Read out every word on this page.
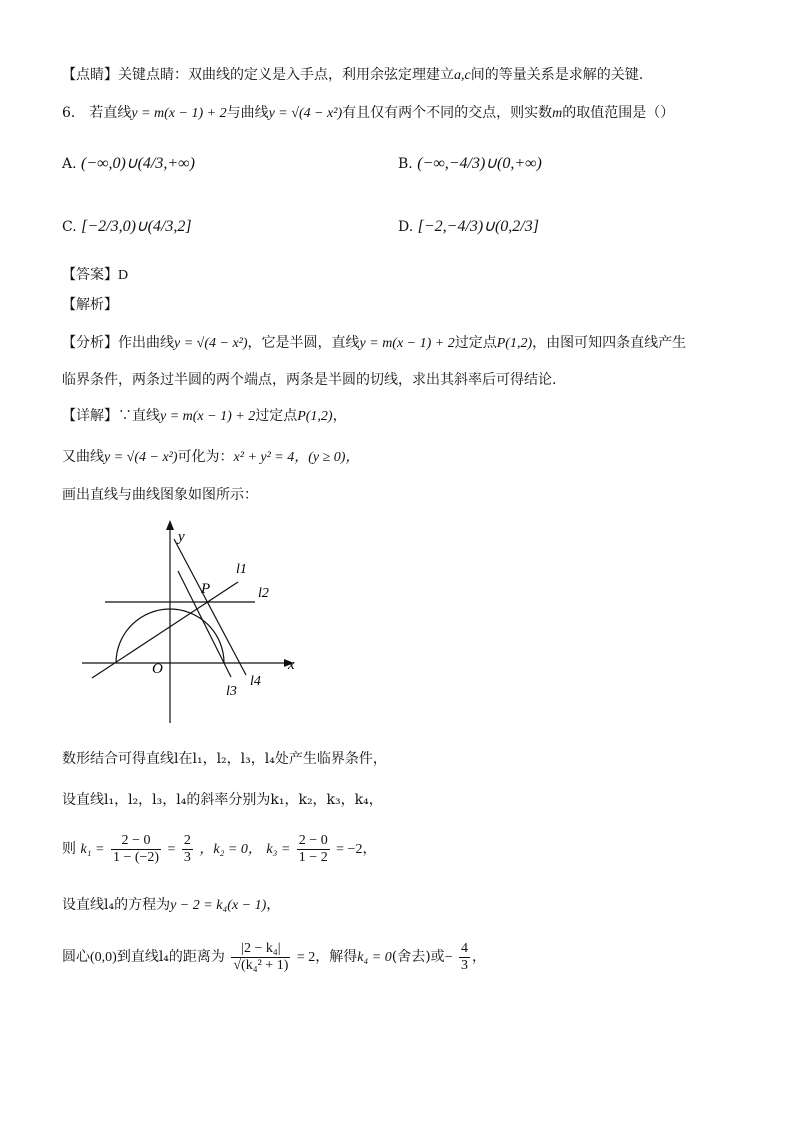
【点睛】关键点睛：双曲线的定义是入手点，利用余弦定理建立a,c间的等量关系是求解的关键.
6． 若直线y = m(x − 1) + 2与曲线y = √(4 − x²)有且仅有两个不同的交点，则实数m的取值范围是（）
A. (−∞,0)∪(4/3,+∞)	B. (−∞,−4/3)∪(0,+∞)
C. [−2/3,0)∪(4/3,2]	D. [−2,−4/3)∪(0,2/3]
【答案】D
【解析】
【分析】作出曲线y = √(4 − x²)，它是半圆，直线y = m(x − 1) + 2过定点P(1,2)，由图可知四条直线产生
临界条件，两条过半圆的两个端点，两条是半圆的切线，求出其斜率后可得结论.
【详解】∵直线y = m(x − 1) + 2过定点P(1,2)，
又曲线y = √(4 − x²)可化为：x² + y² = 4，(y ≥ 0)，
画出直线与曲线图象如图所示：
y
x
O
P
l1
l2
l3
l4
数形结合可得直线l在l₁，l₂，l₃，l₄处产生临界条件，
设直线l₁，l₂，l₃，l₄的斜率分别为k₁，k₂，k₃，k₄，
则 $k_1 = \frac{2 - 0}{1 - (-2)} = \frac{2}{3}$ ，k₂ = 0， $k_3 = \frac{2 - 0}{1 - 2} = -2$，
设直线l₄的方程为y − 2 = k₄(x − 1)，
圆心(0,0)到直线l₄的距离为 $\frac{\text{|2 − k₄|}}{\text{√(k₄² + 1)}} = 2$，解得k₄ = 0(舍去)或− $\frac{4}{3}$ ，
